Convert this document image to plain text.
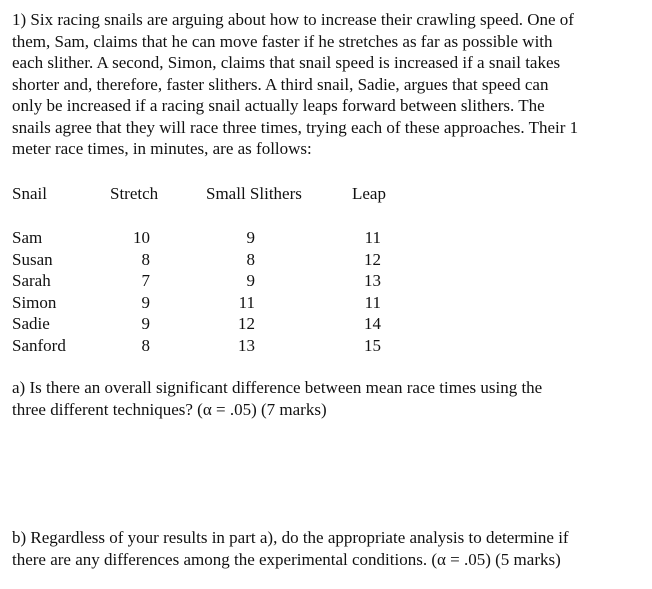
1) Six racing snails are arguing about how to increase their crawling speed. One of
them, Sam, claims that he can move faster if he stretches as far as possible with
each slither. A second, Simon, claims that snail speed is increased if a snail takes
shorter and, therefore, faster slithers. A third snail, Sadie, argues that speed can
only be increased if a racing snail actually leaps forward between slithers. The
snails agree that they will race three times, trying each of these approaches. Their 1
meter race times, in minutes, are as follows:
Snail	Stretch	Small Slithers	Leap
Sam	10	9	11
Susan	8	8	12
Sarah	7	9	13
Simon	9	11	11
Sadie	9	12	14
Sanford	8	13	15
a) Is there an overall significant difference between mean race times using the
three different techniques? (α = .05) (7 marks)
b) Regardless of your results in part a), do the appropriate analysis to determine if
there are any differences among the experimental conditions. (α = .05) (5 marks)
